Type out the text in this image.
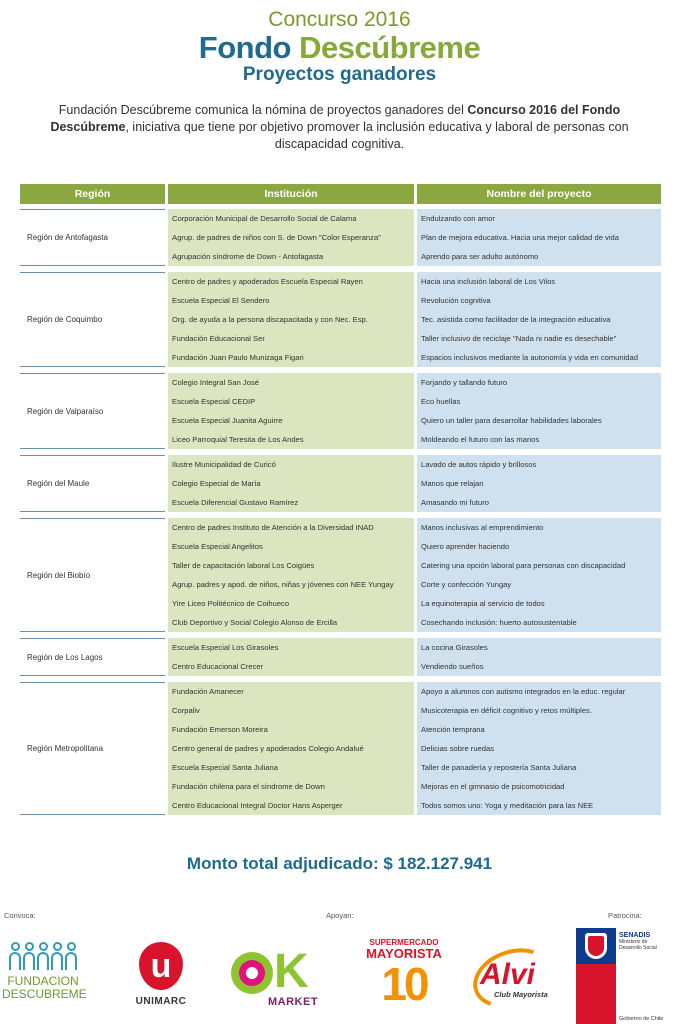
Concurso 2016
Fondo Descúbreme
Proyectos ganadores

Fundación Descúbreme comunica la nómina de proyectos ganadores del Concurso 2016 del Fondo Descúbreme, iniciativa que tiene por objetivo promover la inclusión educativa y laboral de personas con discapacidad cognitiva.

Región	Institución	Nombre del proyecto
Región de Antofagasta
Corporación Municipal de Desarrollo Social de Calama	Endulzando con amor
Agrup. de padres de niños con S. de Down "Color Esperanza"	Plan de mejora educativa. Hacia una mejor calidad de vida
Agrupación síndrome de Down - Antofagasta	Aprendo para ser adulto autónomo
Región de Coquimbo
Centro de padres y apoderados Escuela Especial Rayen	Hacia una inclusión laboral de Los Vilos
Escuela Especial El Sendero	Revolución cognitiva
Org. de ayuda a la persona discapacitada y con Nec. Esp.	Tec. asistida como facilitador de la integración educativa
Fundación Educacional Ser	Taller inclusivo de reciclaje "Nada ni nadie es desechable"
Fundación Juan Paulo Munizaga Figari	Espacios inclusivos mediante la autonomía y vida en comunidad
Región de Valparaíso
Colegio Integral San José	Forjando y tallando futuro
Escuela Especial CEDIP	Eco huellas
Escuela Especial Juanita Aguirre	Quiero un taller para desarrollar habilidades laborales
Liceo Parroquial Teresita de Los Andes	Moldeando el futuro con las manos
Región del Maule
Ilustre Municipalidad de Curicó	Lavado de autos rápido y brillosos
Colegio Especial de María	Manos que relajan
Escuela Diferencial Gustavo Ramírez	Amasando mi futuro
Región del Biobío
Centro de padres Instituto de Atención a la Diversidad INAD	Manos inclusivas al emprendimiento
Escuela Especial Angelitos	Quiero aprender haciendo
Taller de capacitación laboral Los Coigües	Catering una opción laboral para personas con discapacidad
Agrup. padres y apod. de niños, niñas y jóvenes con NEE Yungay	Corte y confección Yungay
Yire Liceo Politécnico de Coihueco	La equinoterapia al servicio de todos
Club Deportivo y Social Colegio Alonso de Ercilla	Cosechando inclusión: huerto autosustentable
Región de Los Lagos
Escuela Especial Los Girasoles	La cocina Girasoles
Centro Educacional Crecer	Vendiendo sueños
Región Metropolitana
Fundación Amanecer	Apoyo a alumnos con autismo integrados en la educ. regular
Corpaliv	Musicoterapia en déficit cognitivo y retos múltiples.
Fundación Emerson Moreira	Atención temprana
Centro general de padres y apoderados Colegio Andalué	Delicias sobre ruedas
Escuela Especial Santa Juliana	Taller de panadería y repostería Santa Juliana
Fundación chilena para el síndrome de Down	Mejoras en el gimnasio de psicomotricidad
Centro Educacional Integral Doctor Hans Asperger	Todos somos uno: Yoga y meditación para las NEE
Monto total adjudicado: $ 182.127.941
Convoca:	Apoyan:	Patrocina:
FUNDACION
DESCUBREME
u
UNIMARC
K
MARKET
SUPERMERCADO
MAYORISTA
10	Alvi
Club Mayorista
SENADIS
Ministerio de Desarrollo Social
Gobierno de Chile
